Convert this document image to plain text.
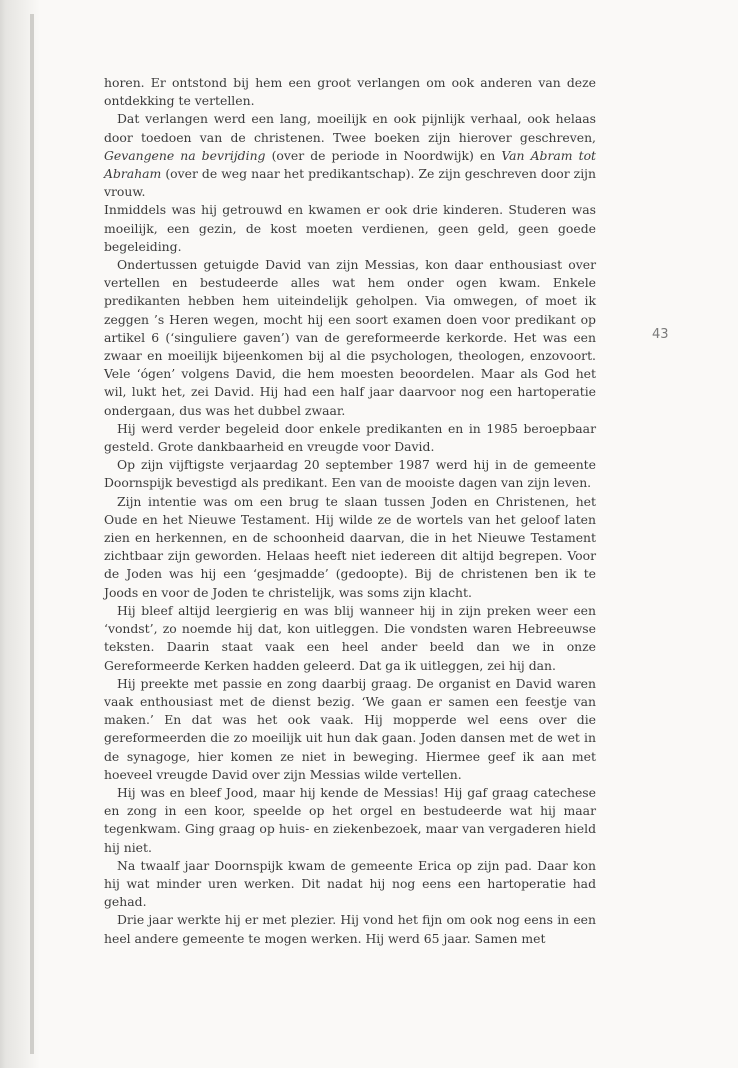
horen. Er ontstond bij hem een groot verlangen om ook anderen van deze ontdekking te vertellen.

Dat verlangen werd een lang, moeilijk en ook pijnlijk verhaal, ook helaas door toedoen van de christenen. Twee boeken zijn hierover geschreven, Gevangene na bevrijding (over de periode in Noordwijk) en Van Abram tot Abraham (over de weg naar het predikantschap). Ze zijn geschreven door zijn vrouw.

Inmiddels was hij getrouwd en kwamen er ook drie kinderen. Studeren was moeilijk, een gezin, de kost moeten verdienen, geen geld, geen goede begeleiding.

Ondertussen getuigde David van zijn Messias, kon daar enthousiast over vertellen en bestudeerde alles wat hem onder ogen kwam. Enkele predikanten hebben hem uiteindelijk geholpen. Via omwegen, of moet ik zeggen ’s Heren wegen, mocht hij een soort examen doen voor predikant op artikel 6 (‘singuliere gaven’) van de gereformeerde kerkorde. Het was een zwaar en moeilijk bijeenkomen bij al die psychologen, theologen, enzovoort. Vele ‘ógen’ volgens David, die hem moesten beoordelen. Maar als God het wil, lukt het, zei David. Hij had een half jaar daarvoor nog een hartoperatie ondergaan, dus was het dubbel zwaar.

Hij werd verder begeleid door enkele predikanten en in 1985 beroepbaar gesteld. Grote dankbaarheid en vreugde voor David.

Op zijn vijftigste verjaardag 20 september 1987 werd hij in de gemeente Doornspijk bevestigd als predikant. Een van de mooiste dagen van zijn leven.

Zijn intentie was om een brug te slaan tussen Joden en Christenen, het Oude en het Nieuwe Testament. Hij wilde ze de wortels van het geloof laten zien en herkennen, en de schoonheid daarvan, die in het Nieuwe Testament zichtbaar zijn geworden. Helaas heeft niet iedereen dit altijd begrepen. Voor de Joden was hij een ‘gesjmadde’ (gedoopte). Bij de christenen ben ik te Joods en voor de Joden te christelijk, was soms zijn klacht.

Hij bleef altijd leergierig en was blij wanneer hij in zijn preken weer een ‘vondst’, zo noemde hij dat, kon uitleggen. Die vondsten waren Hebreeuwse teksten. Daarin staat vaak een heel ander beeld dan we in onze Gereformeerde Kerken hadden geleerd. Dat ga ik uitleggen, zei hij dan.

Hij preekte met passie en zong daarbij graag. De organist en David waren vaak enthousiast met de dienst bezig. ‘We gaan er samen een feestje van maken.’ En dat was het ook vaak. Hij mopperde wel eens over die gereformeerden die zo moeilijk uit hun dak gaan. Joden dansen met de wet in de synagoge, hier komen ze niet in beweging. Hiermee geef ik aan met hoeveel vreugde David over zijn Messias wilde vertellen.

Hij was en bleef Jood, maar hij kende de Messias! Hij gaf graag catechese en zong in een koor, speelde op het orgel en bestudeerde wat hij maar tegenkwam. Ging graag op huis- en ziekenbezoek, maar van vergaderen hield hij niet.

Na twaalf jaar Doornspijk kwam de gemeente Erica op zijn pad. Daar kon hij wat minder uren werken. Dit nadat hij nog eens een hartoperatie had gehad.

Drie jaar werkte hij er met plezier. Hij vond het fijn om ook nog eens in een heel andere gemeente te mogen werken. Hij werd 65 jaar. Samen met

43
